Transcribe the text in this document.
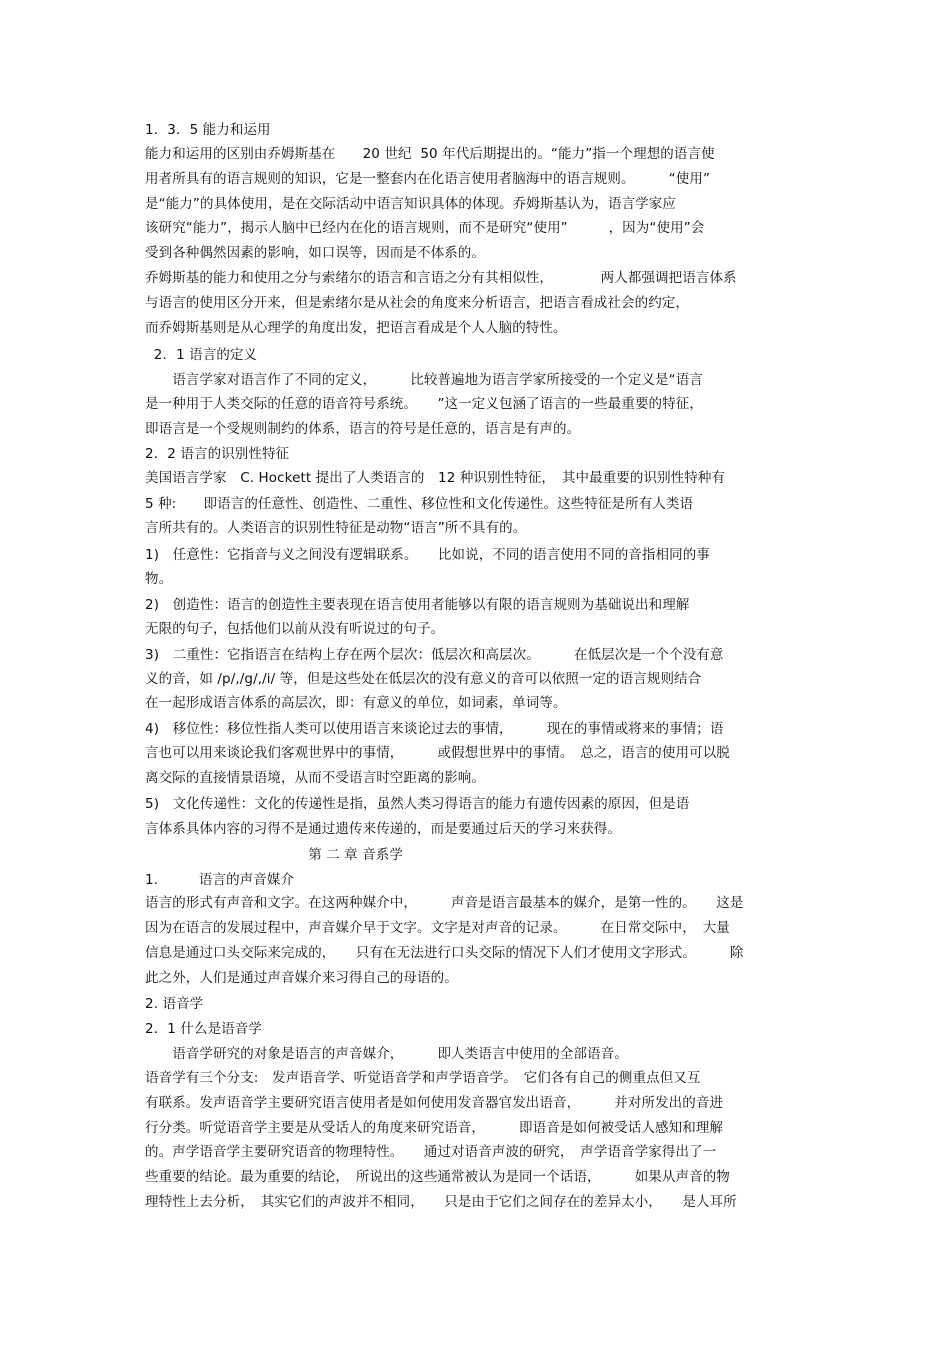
1．3．5 能力和运用
能力和运用的区别由乔姆斯基在　　20 世纪  50 年代后期提出的。“能力”指一个理想的语言使
用者所具有的语言规则的知识，它是一整套内在化语言使用者脑海中的语言规则。　　　“使用”
是“能力”的具体使用，是在交际活动中语言知识具体的体现。乔姆斯基认为，语言学家应
该研究“能力”，揭示人脑中已经内在化的语言规则，而不是研究“使用”　　　，因为“使用”会
受到各种偶然因素的影响，如口误等，因而是不体系的。
乔姆斯基的能力和使用之分与索绪尔的语言和言语之分有其相似性，　　　　两人都强调把语言体系
与语言的使用区分开来，但是索绪尔是从社会的角度来分析语言，把语言看成社会的约定，
而乔姆斯基则是从心理学的角度出发，把语言看成是个人人脑的特性。
2．1 语言的定义
　　语言学家对语言作了不同的定义，　　　比较普遍地为语言学家所接受的一个定义是“语言
是一种用于人类交际的任意的语音符号系统。　　”这一定义包涵了语言的一些最重要的特征，
即语言是一个受规则制约的体系，语言的符号是任意的，语言是有声的。
2．2 语言的识别性特征
美国语言学家　C. Hockett 提出了人类语言的　12 种识别性特征，　其中最重要的识别性特种有
5 种:　　即语言的任意性、创造性、二重性、移位性和文化传递性。这些特征是所有人类语
言所共有的。人类语言的识别性特征是动物“语言”所不具有的。
1)　任意性：它指音与义之间没有逻辑联系。　　比如说，不同的语言使用不同的音指相同的事
物。
2)　创造性：语言的创造性主要表现在语言使用者能够以有限的语言规则为基础说出和理解
无限的句子，包括他们以前从没有听说过的句子。
3)　二重性：它指语言在结构上存在两个层次：低层次和高层次。　　　在低层次是一个个没有意
义的音，如 /p/,/g/,/i/ 等，但是这些处在低层次的没有意义的音可以依照一定的语言规则结合
在一起形成语言体系的高层次，即：有意义的单位，如词素，单词等。
4)　移位性：移位性指人类可以使用语言来谈论过去的事情，　　　现在的事情或将来的事情；语
言也可以用来谈论我们客观世界中的事情，　　　或假想世界中的事情。　总之，语言的使用可以脱
离交际的直接情景语境，从而不受语言时空距离的影响。
5)　文化传递性：文化的传递性是指，虽然人类习得语言的能力有遗传因素的原因，但是语
言体系具体内容的习得不是通过遗传来传递的，而是要通过后天的学习来获得。
　　　　　　　　　　　　第 二 章 音系学
1.　　　语言的声音媒介
语言的形式有声音和文字。在这两种媒介中，　　　声音是语言最基本的媒介，是第一性的。　　这是
因为在语言的发展过程中，声音媒介早于文字。文字是对声音的记录。　　　在日常交际中，　大量
信息是通过口头交际来完成的，　　只有在无法进行口头交际的情况下人们才使用文字形式。　　　除
此之外，人们是通过声音媒介来习得自己的母语的。
2. 语音学
2．1 什么是语音学
　　语音学研究的对象是语言的声音媒介，　　　即人类语言中使用的全部语音。
语音学有三个分支:　发声语音学、听觉语音学和声学语音学。　它们各有自己的侧重点但又互
有联系。发声语音学主要研究语言使用者是如何使用发音器官发出语音，　　　并对所发出的音进
行分类。听觉语音学主要是从受话人的角度来研究语音，　　　即语音是如何被受话人感知和理解
的。声学语音学主要研究语音的物理特性。　　通过对语音声波的研究，　声学语音学家得出了一
些重要的结论。最为重要的结论，　所说出的这些通常被认为是同一个话语，　　　如果从声音的物
理特性上去分析，　其实它们的声波并不相同，　　只是由于它们之间存在的差异太小，　　是人耳所
